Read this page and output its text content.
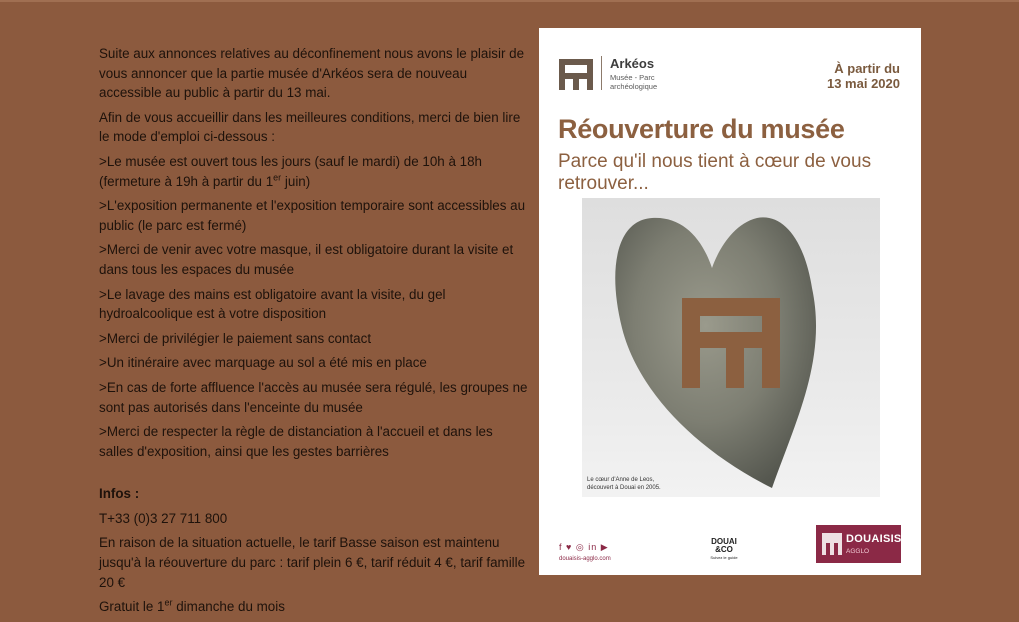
Suite aux annonces relatives au déconfinement nous avons le plaisir de vous annoncer que la partie musée d'Arkéos sera de nouveau accessible au public à partir du 13 mai.

Afin de vous accueillir dans les meilleures conditions, merci de bien lire le mode d'emploi ci-dessous :

>Le musée est ouvert tous les jours (sauf le mardi) de 10h à 18h (fermeture à 19h à partir du 1er juin)

>L'exposition permanente et l'exposition temporaire sont accessibles au public (le parc est fermé)

>Merci de venir avec votre masque, il est obligatoire durant la visite et dans tous les espaces du musée

>Le lavage des mains est obligatoire avant la visite, du gel hydroalcoolique est à votre disposition

>Merci de privilégier le paiement sans contact

>Un itinéraire avec marquage au sol a été mis en place

>En cas de forte affluence l'accès au musée sera régulé, les groupes ne sont pas autorisés dans l'enceinte du musée

>Merci de respecter la règle de distanciation à l'accueil et dans les salles d'exposition, ainsi que les gestes barrières

Infos :

T+33 (0)3 27 711 800

En raison de la situation actuelle, le tarif Basse saison est maintenu jusqu'à la réouverture du parc : tarif plein 6 €, tarif réduit 4 €, tarif famille 20 €

Gratuit le 1er dimanche du mois

Arkéos
Musée - Parc archéologique
À partir du
13 mai 2020
Réouverture du musée
Parce qu'il nous tient à cœur de vous retrouver...
Le cœur d'Anne de Leos,
découvert à Douai en 2005.
f ♥ ◎ in ▶
douaisis-agglo.com
DOUAI
&CO
Suivez le guide
DOUAISIS
AGGLO
